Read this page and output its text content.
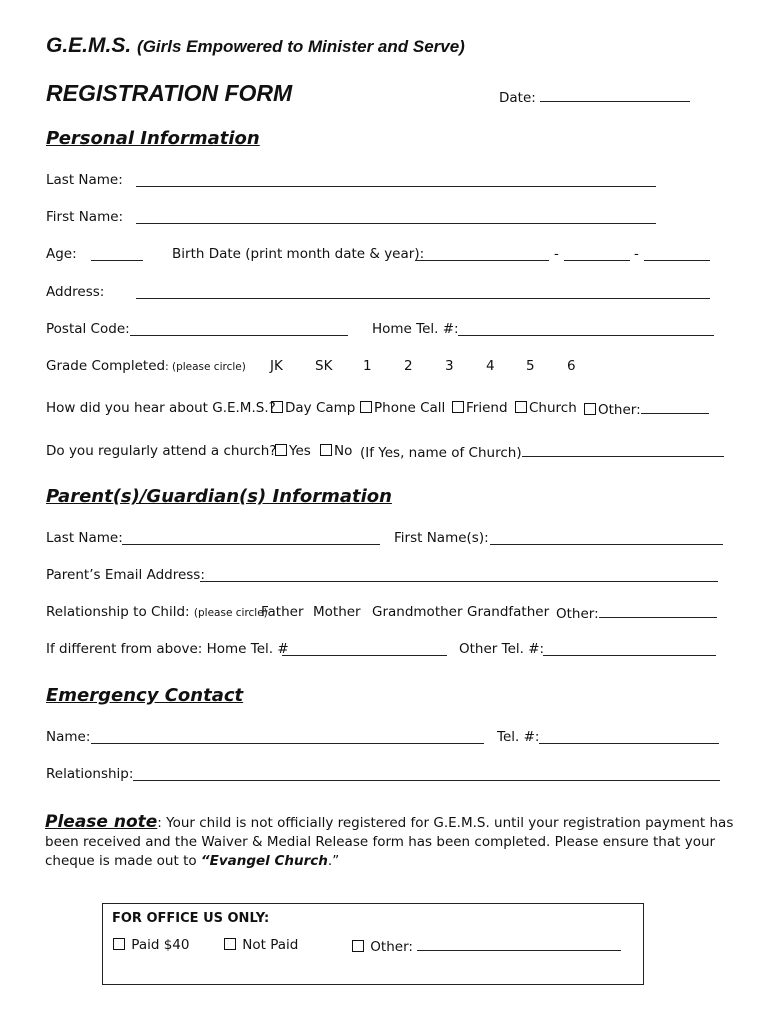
G.E.M.S. (Girls Empowered to Minister and Serve)
REGISTRATION FORM	Date:
Personal Information
Last Name:
First Name:
Age:	Birth Date (print month date & year):	-	-
Address:
Postal Code:	Home Tel. #:
Grade Completed: (please circle) JK SK 1 2 3 4 5 6
How did you hear about G.E.M.S.? Day Camp	Phone Call	Friend	Church	Other:
Do you regularly attend a church? Yes	No (If Yes, name of Church)
Parent(s)/Guardian(s) Information
Last Name:	First Name(s):
Parent’s Email Address:
Relationship to Child: (please circle)
Father Mother Grandmother Grandfather Other:
If different from above: Home Tel. #	Other Tel. #:
Emergency Contact
Name:	Tel. #:
Relationship:
Please note: Your child is not officially registered for G.E.M.S. until your registration payment has been received and the Waiver & Medial Release form has been completed. Please ensure that your cheque is made out to “Evangel Church.”
FOR OFFICE US ONLY:
Paid $40	Not Paid	Other:
